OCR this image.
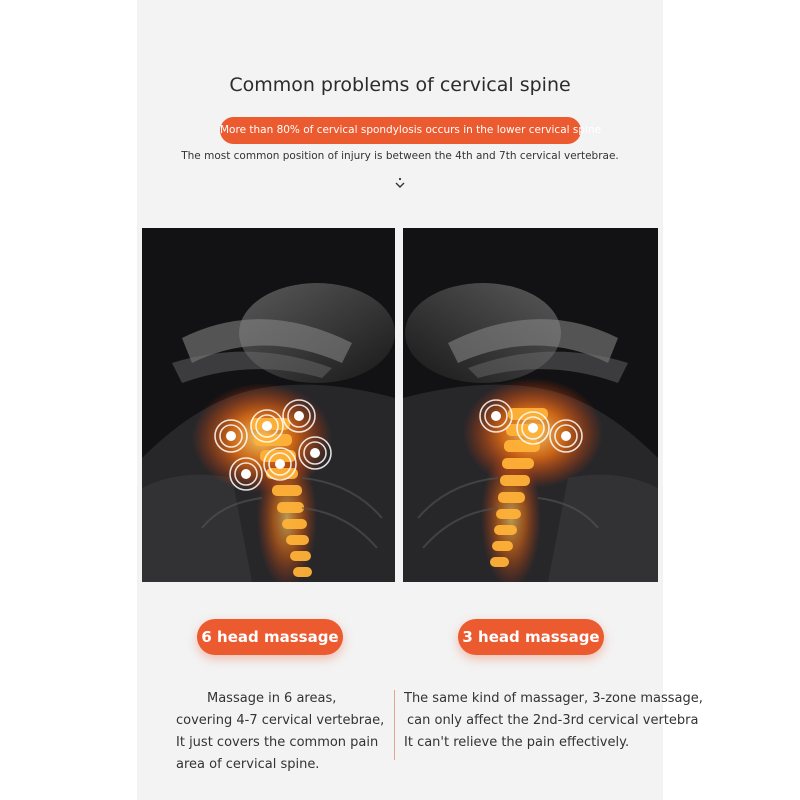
Common problems of cervical spine
More than 80% of cervical spondylosis occurs in the lower cervical spine
The most common position of injury is between the 4th and 7th cervical vertebrae.
6 head massage	3 head massage
Massage in 6 areas,
covering 4-7 cervical vertebrae,
It just covers the common pain
area of cervical spine.
The same kind of massager, 3-zone massage,
can only affect the 2nd-3rd cervical vertebra
It can't relieve the pain effectively.
